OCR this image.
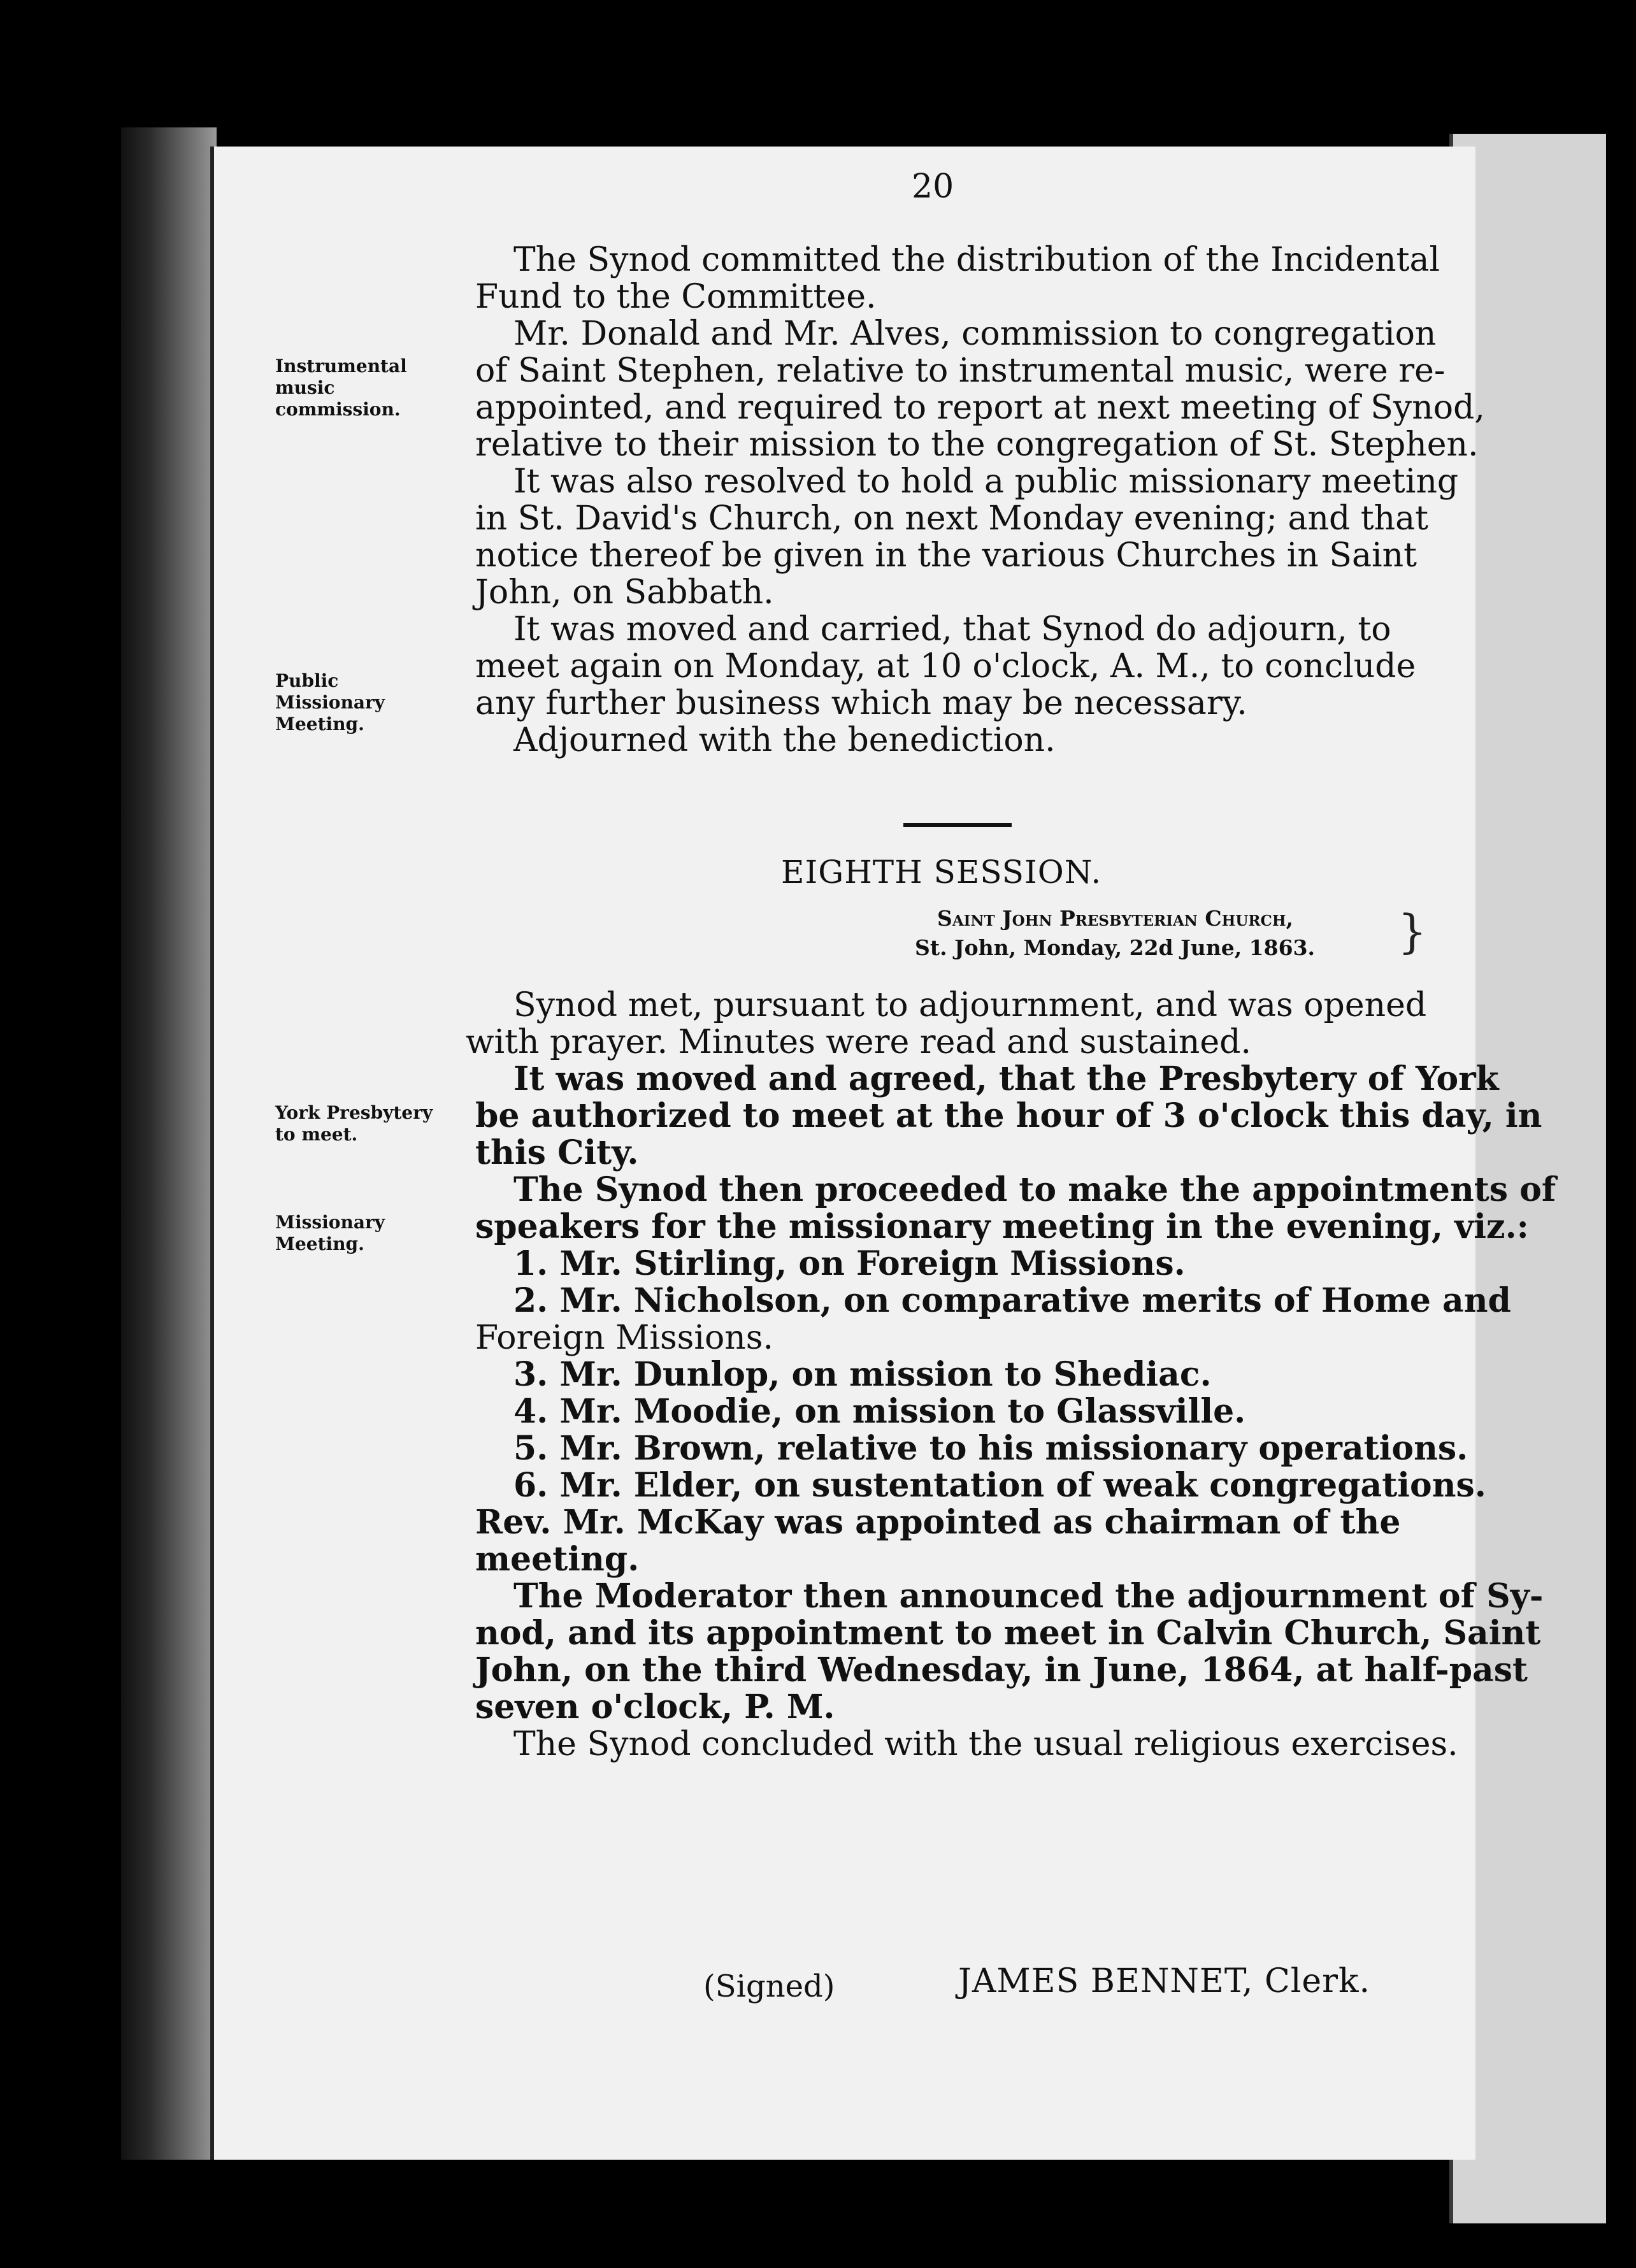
20
Instrumental music commission.
Public Missionary Meeting.
York Presbytery to meet.
Missionary Meeting.
The Synod committed the distribution of the Incidental
Fund to the Committee.
Mr. Donald and Mr. Alves, commission to congregation
of Saint Stephen, relative to instrumental music, were re-
appointed, and required to report at next meeting of Synod,
relative to their mission to the congregation of St. Stephen.
It was also resolved to hold a public missionary meeting
in St. David's Church, on next Monday evening; and that
notice thereof be given in the various Churches in Saint
John, on Sabbath.
It was moved and carried, that Synod do adjourn, to
meet again on Monday, at 10 o'clock, A. M., to conclude
any further business which may be necessary.
Adjourned with the benediction.
EIGHTH SESSION.
Saint John Presbyterian Church,
St. John, Monday, 22d June, 1863. }
Synod met, pursuant to adjournment, and was opened
with prayer. Minutes were read and sustained.
It was moved and agreed, that the Presbytery of York
be authorized to meet at the hour of 3 o'clock this day, in
this City.
The Synod then proceeded to make the appointments of
speakers for the missionary meeting in the evening, viz.:
1. Mr. Stirling, on Foreign Missions.
2. Mr. Nicholson, on comparative merits of Home and
Foreign Missions.
3. Mr. Dunlop, on mission to Shediac.
4. Mr. Moodie, on mission to Glassville.
5. Mr. Brown, relative to his missionary operations.
6. Mr. Elder, on sustentation of weak congregations.
Rev. Mr. McKay was appointed as chairman of the
meeting.
The Moderator then announced the adjournment of Sy-
nod, and its appointment to meet in Calvin Church, Saint
John, on the third Wednesday, in June, 1864, at half-past
seven o'clock, P. M.
The Synod concluded with the usual religious exercises.
(Signed)	JAMES BENNET, Clerk.
